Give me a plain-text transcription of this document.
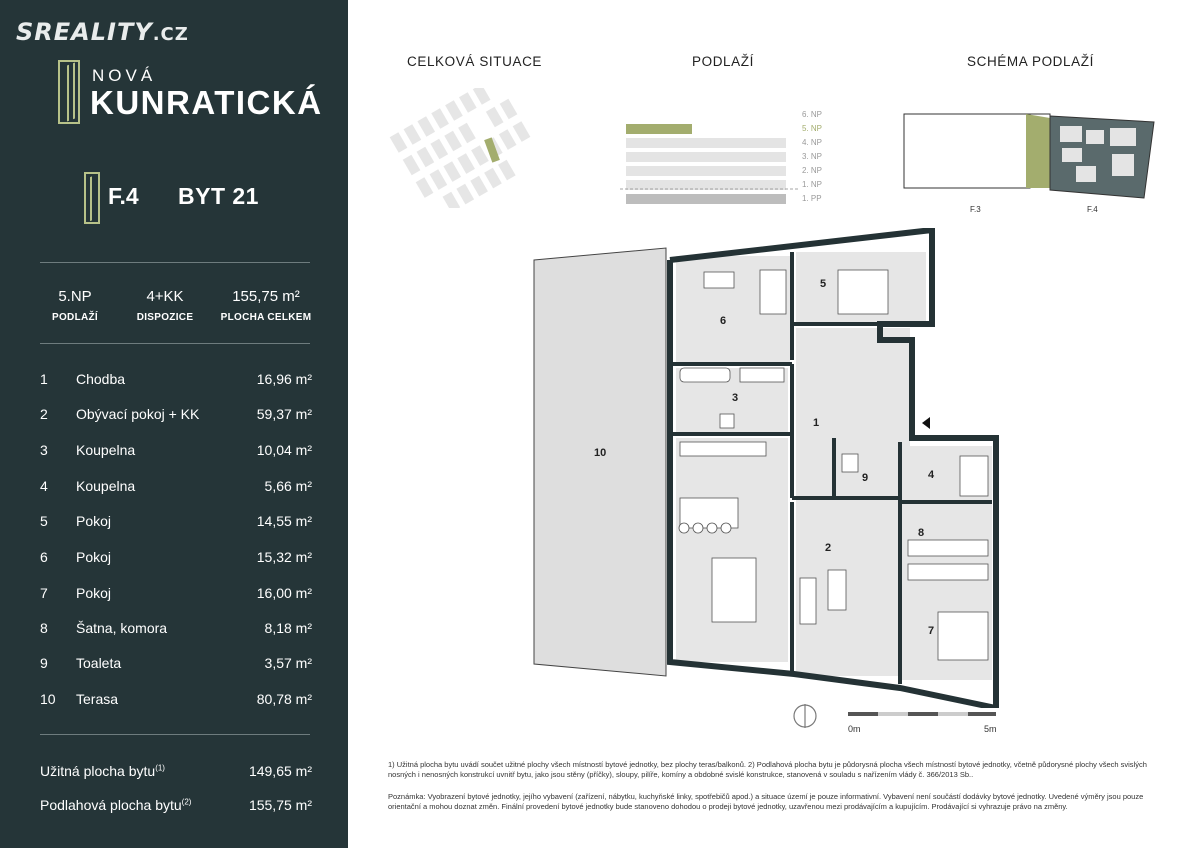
SREALITY.CZ
NOVÁ
KUNRATICKÁ
F.4 BYT 21
5.NP
PODLAŽÍ
4+KK
DISPOZICE
155,75 m²
PLOCHA CELKEM
1 Chodba	16,96 m²
2 Obývací pokoj + KK	59,37 m²
3 Koupelna	10,04 m²
4 Koupelna	5,66 m²
5 Pokoj	14,55 m²
6 Pokoj	15,32 m²
7 Pokoj	16,00 m²
8 Šatna, komora	8,18 m²
9 Toaleta	3,57 m²
10 Terasa	80,78 m²
Užitná plocha bytu$^{(1)}$	149,65 m²
Podlahová plocha bytu$^{(2)}$	155,75 m²
CELKOVÁ SITUACE	PODLAŽÍ	SCHÉMA PODLAŽÍ
6. NP
5. NP
4. NP
3. NP
2. NP
1. NP
1. PP
F.3	F.4
1
2
3
4
5
6
7
8
9
10
0m	5m
1) Užitná plocha bytu uvádí součet užitné plochy všech místností bytové jednotky, bez plochy teras/balkonů. 2) Podlahová plocha bytu je půdorysná plocha všech místností bytové jednotky, včetně půdorysné plochy všech svislých nosných i nenosných konstrukcí uvnitř bytu, jako jsou stěny (příčky), sloupy, pilíře, komíny a obdobné svislé konstrukce, stanovená v souladu s nařízením vlády č. 366/2013 Sb..
Poznámka: Vyobrazení bytové jednotky, jejího vybavení (zařízení, nábytku, kuchyňské linky, spotřebičů apod.) a situace území je pouze informativní. Vybavení není součástí dodávky bytové jednotky. Uvedené výměry jsou pouze orientační a mohou doznat změn. Finální provedení bytové jednotky bude stanoveno dohodou o prodeji bytové jednotky, uzavřenou mezi prodávajícím a kupujícím. Prodávající si vyhrazuje právo na změny.
